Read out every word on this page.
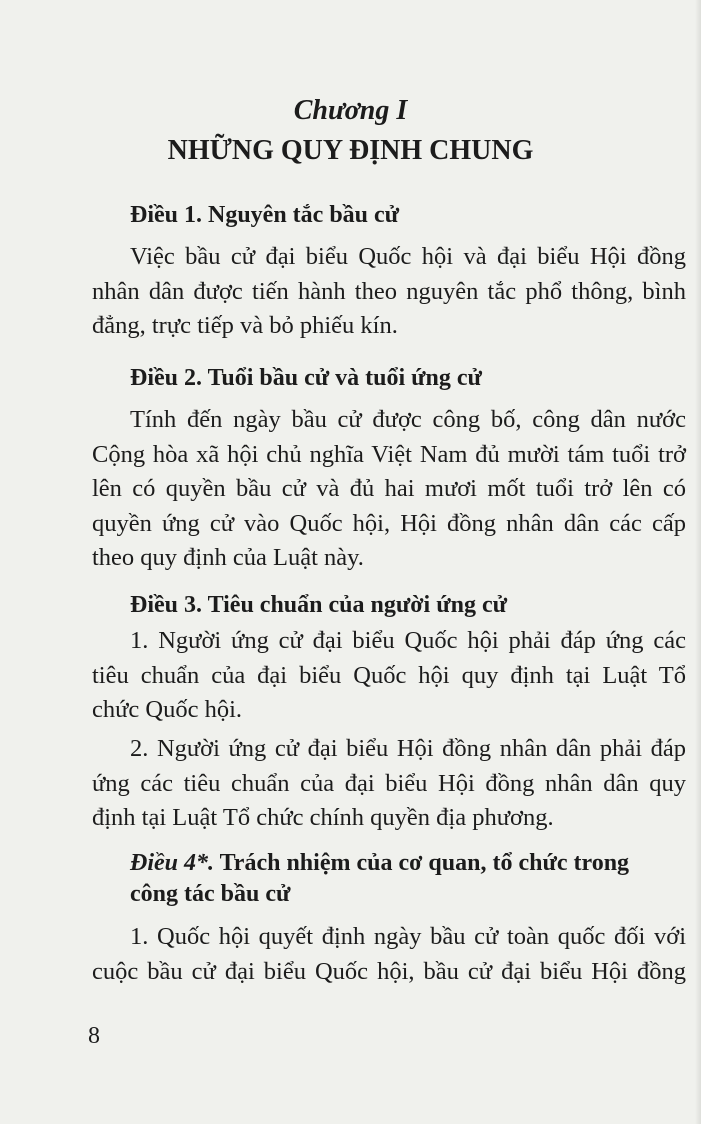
Chương I
NHỮNG QUY ĐỊNH CHUNG
Điều 1. Nguyên tắc bầu cử
Việc bầu cử đại biểu Quốc hội và đại biểu Hội đồng
nhân dân được tiến hành theo nguyên tắc phổ thông, bình
đẳng, trực tiếp và bỏ phiếu kín.
Điều 2. Tuổi bầu cử và tuổi ứng cử
Tính đến ngày bầu cử được công bố, công dân nước
Cộng hòa xã hội chủ nghĩa Việt Nam đủ mười tám tuổi trở
lên có quyền bầu cử và đủ hai mươi mốt tuổi trở lên có
quyền ứng cử vào Quốc hội, Hội đồng nhân dân các cấp
theo quy định của Luật này.
Điều 3. Tiêu chuẩn của người ứng cử
1. Người ứng cử đại biểu Quốc hội phải đáp ứng các
tiêu chuẩn của đại biểu Quốc hội quy định tại Luật Tổ
chức Quốc hội.
2. Người ứng cử đại biểu Hội đồng nhân dân phải đáp
ứng các tiêu chuẩn của đại biểu Hội đồng nhân dân quy
định tại Luật Tổ chức chính quyền địa phương.
Điều 4*. Trách nhiệm của cơ quan, tổ chức trong
công tác bầu cử
1. Quốc hội quyết định ngày bầu cử toàn quốc đối với
cuộc bầu cử đại biểu Quốc hội, bầu cử đại biểu Hội đồng
8
